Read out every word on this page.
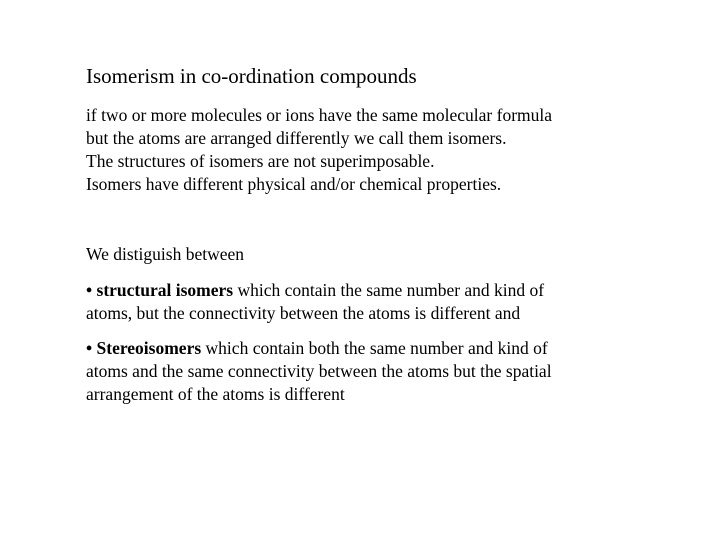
Isomerism in co-ordination compounds

if two or more molecules or ions have the same molecular formula
but the atoms are arranged differently we call them isomers.
The structures of isomers are not superimposable.
Isomers have different physical and/or chemical properties.

We distiguish between

• structural isomers which contain the same number and kind of
atoms, but the connectivity between the atoms is different and

• Stereoisomers which contain both the same number and kind of
atoms and the same connectivity between the atoms but the spatial
arrangement of the atoms is different
